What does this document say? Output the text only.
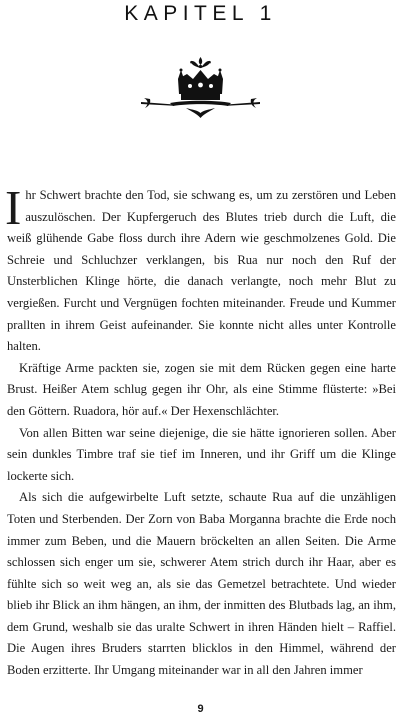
KAPITEL 1

Ihr Schwert brachte den Tod, sie schwang es, um zu zerstören und Leben auszulöschen. Der Kupfergeruch des Blutes trieb durch die Luft, die weiß glühende Gabe floss durch ihre Adern wie geschmolzenes Gold. Die Schreie und Schluchzer verklangen, bis Rua nur noch den Ruf der Unsterblichen Klinge hörte, die danach verlangte, noch mehr Blut zu vergießen. Furcht und Vergnügen fochten miteinander. Freude und Kummer prallten in ihrem Geist aufeinander. Sie konnte nicht alles unter Kontrolle halten.

Kräftige Arme packten sie, zogen sie mit dem Rücken gegen eine harte Brust. Heißer Atem schlug gegen ihr Ohr, als eine Stimme flüsterte: »Bei den Göttern. Ruadora, hör auf.« Der Hexenschlächter.

Von allen Bitten war seine diejenige, die sie hätte ignorieren sollen. Aber sein dunkles Timbre traf sie tief im Inneren, und ihr Griff um die Klinge lockerte sich.

Als sich die aufgewirbelte Luft setzte, schaute Rua auf die unzähligen Toten und Sterbenden. Der Zorn von Baba Morganna brachte die Erde noch immer zum Beben, und die Mauern bröckelten an allen Seiten. Die Arme schlossen sich enger um sie, schwerer Atem strich durch ihr Haar, aber es fühlte sich so weit weg an, als sie das Gemetzel betrachtete. Und wieder blieb ihr Blick an ihm hängen, an ihm, der inmitten des Blutbads lag, an ihm, dem Grund, weshalb sie das uralte Schwert in ihren Händen hielt – Raffiel. Die Augen ihres Bruders starrten blicklos in den Himmel, während der Boden erzitterte. Ihr Umgang miteinander war in all den Jahren immer

9
